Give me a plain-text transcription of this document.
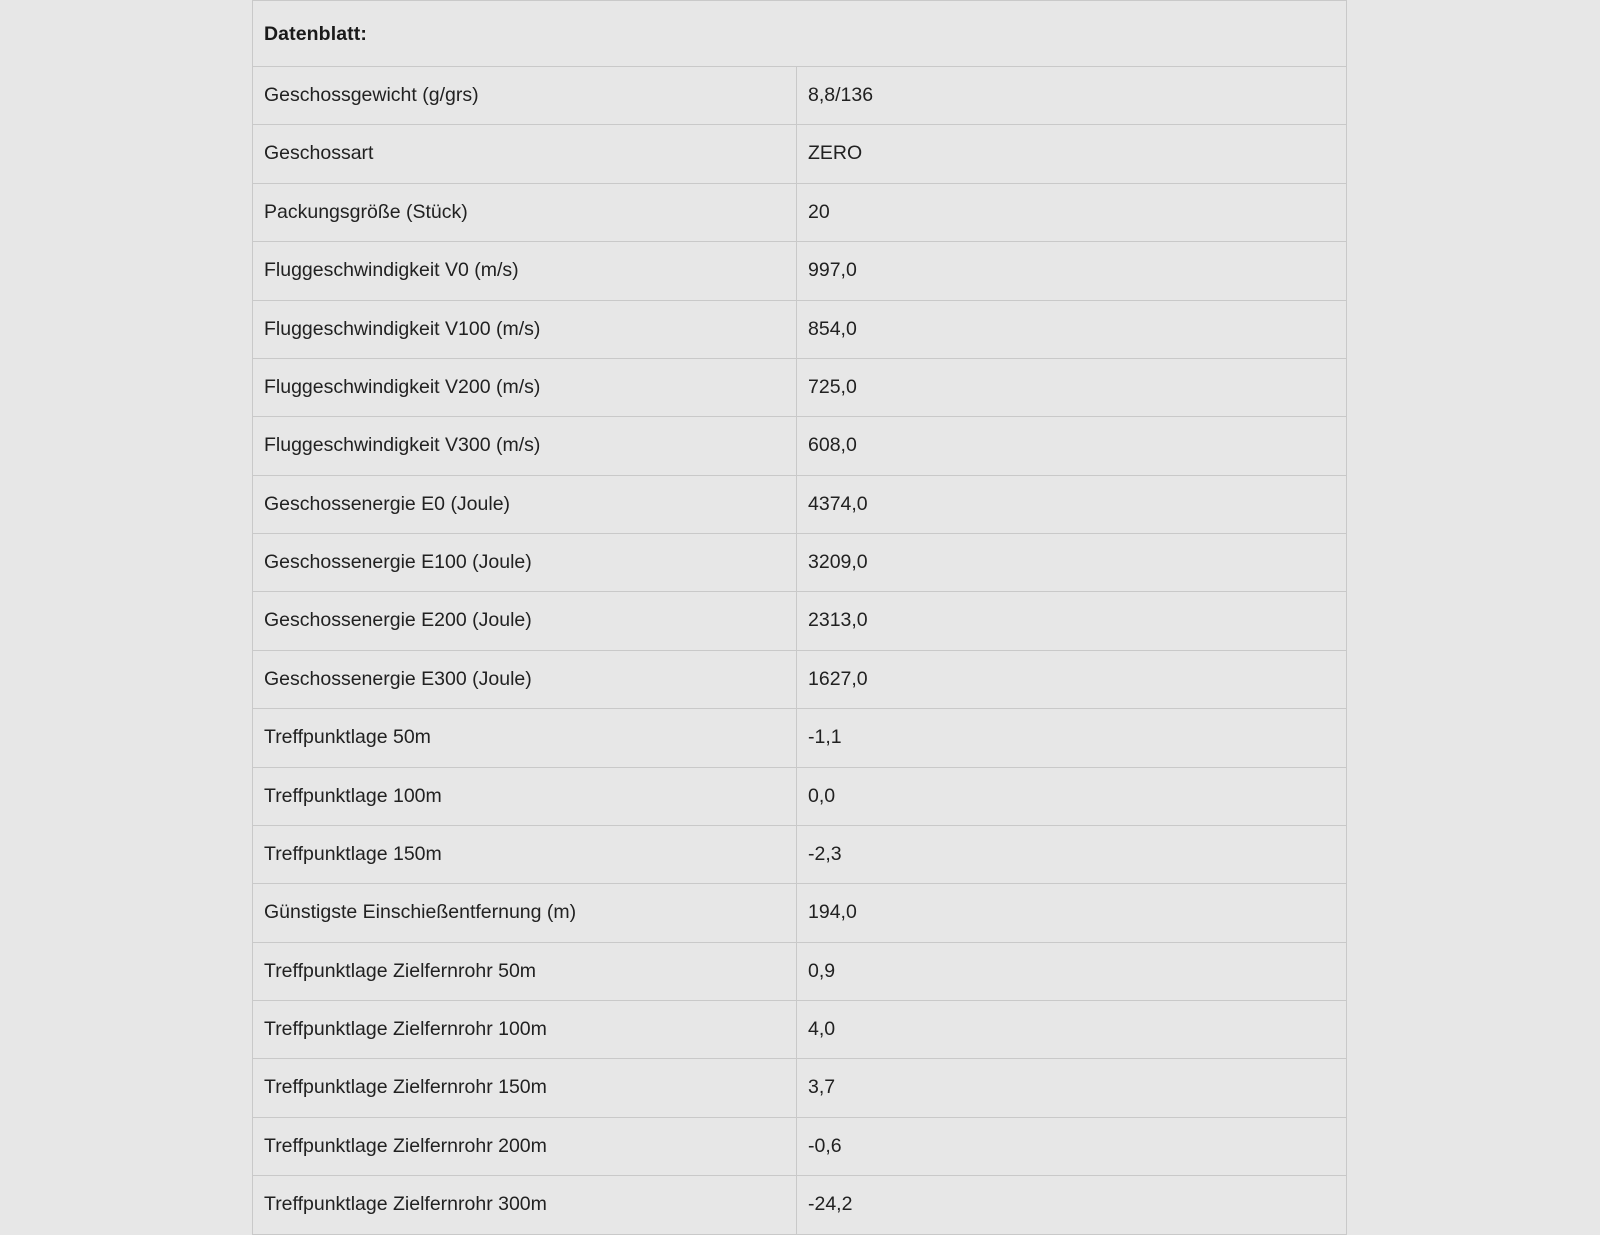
Datenblatt:
Geschossgewicht (g/grs)	8,8/136
Geschossart	ZERO
Packungsgröße (Stück)	20
Fluggeschwindigkeit V0 (m/s)	997,0
Fluggeschwindigkeit V100 (m/s)	854,0
Fluggeschwindigkeit V200 (m/s)	725,0
Fluggeschwindigkeit V300 (m/s)	608,0
Geschossenergie E0 (Joule)	4374,0
Geschossenergie E100 (Joule)	3209,0
Geschossenergie E200 (Joule)	2313,0
Geschossenergie E300 (Joule)	1627,0
Treffpunktlage 50m	-1,1
Treffpunktlage 100m	0,0
Treffpunktlage 150m	-2,3
Günstigste Einschießentfernung (m)	194,0
Treffpunktlage Zielfernrohr 50m	0,9
Treffpunktlage Zielfernrohr 100m	4,0
Treffpunktlage Zielfernrohr 150m	3,7
Treffpunktlage Zielfernrohr 200m	-0,6
Treffpunktlage Zielfernrohr 300m	-24,2
